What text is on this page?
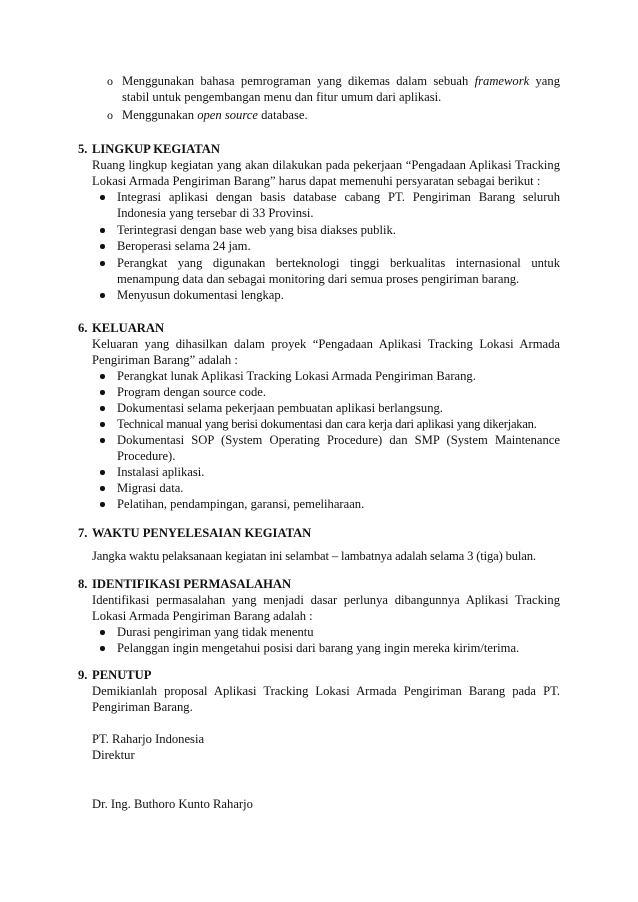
o Menggunakan bahasa pemrograman yang dikemas dalam sebuah framework yang
stabil untuk pengembangan menu dan fitur umum dari aplikasi.
o Menggunakan open source database.
5. LINGKUP KEGIATAN
Ruang lingkup kegiatan yang akan dilakukan pada pekerjaan “Pengadaan Aplikasi Tracking
Lokasi Armada Pengiriman Barang” harus dapat memenuhi persyaratan sebagai berikut :
Integrasi aplikasi dengan basis database cabang PT. Pengiriman Barang seluruh
Indonesia yang tersebar di 33 Provinsi.
Terintegrasi dengan base web yang bisa diakses publik.
Beroperasi selama 24 jam.
Perangkat yang digunakan berteknologi tinggi berkualitas internasional untuk
menampung data dan sebagai monitoring dari semua proses pengiriman barang.
Menyusun dokumentasi lengkap.
6. KELUARAN
Keluaran yang dihasilkan dalam proyek “Pengadaan Aplikasi Tracking Lokasi Armada
Pengiriman Barang” adalah :
Perangkat lunak Aplikasi Tracking Lokasi Armada Pengiriman Barang.
Program dengan source code.
Dokumentasi selama pekerjaan pembuatan aplikasi berlangsung.
Technical manual yang berisi dokumentasi dan cara kerja dari aplikasi yang dikerjakan.
Dokumentasi SOP (System Operating Procedure) dan SMP (System Maintenance
Procedure).
Instalasi aplikasi.
Migrasi data.
Pelatihan, pendampingan, garansi, pemeliharaan.
7. WAKTU PENYELESAIAN KEGIATAN
Jangka waktu pelaksanaan kegiatan ini selambat – lambatnya adalah selama 3 (tiga) bulan.
8. IDENTIFIKASI PERMASALAHAN
Identifikasi permasalahan yang menjadi dasar perlunya dibangunnya Aplikasi Tracking
Lokasi Armada Pengiriman Barang adalah :
Durasi pengiriman yang tidak menentu
Pelanggan ingin mengetahui posisi dari barang yang ingin mereka kirim/terima.
9. PENUTUP
Demikianlah proposal Aplikasi Tracking Lokasi Armada Pengiriman Barang pada PT.
Pengiriman Barang.
PT. Raharjo Indonesia
Direktur
Dr. Ing. Buthoro Kunto Raharjo
